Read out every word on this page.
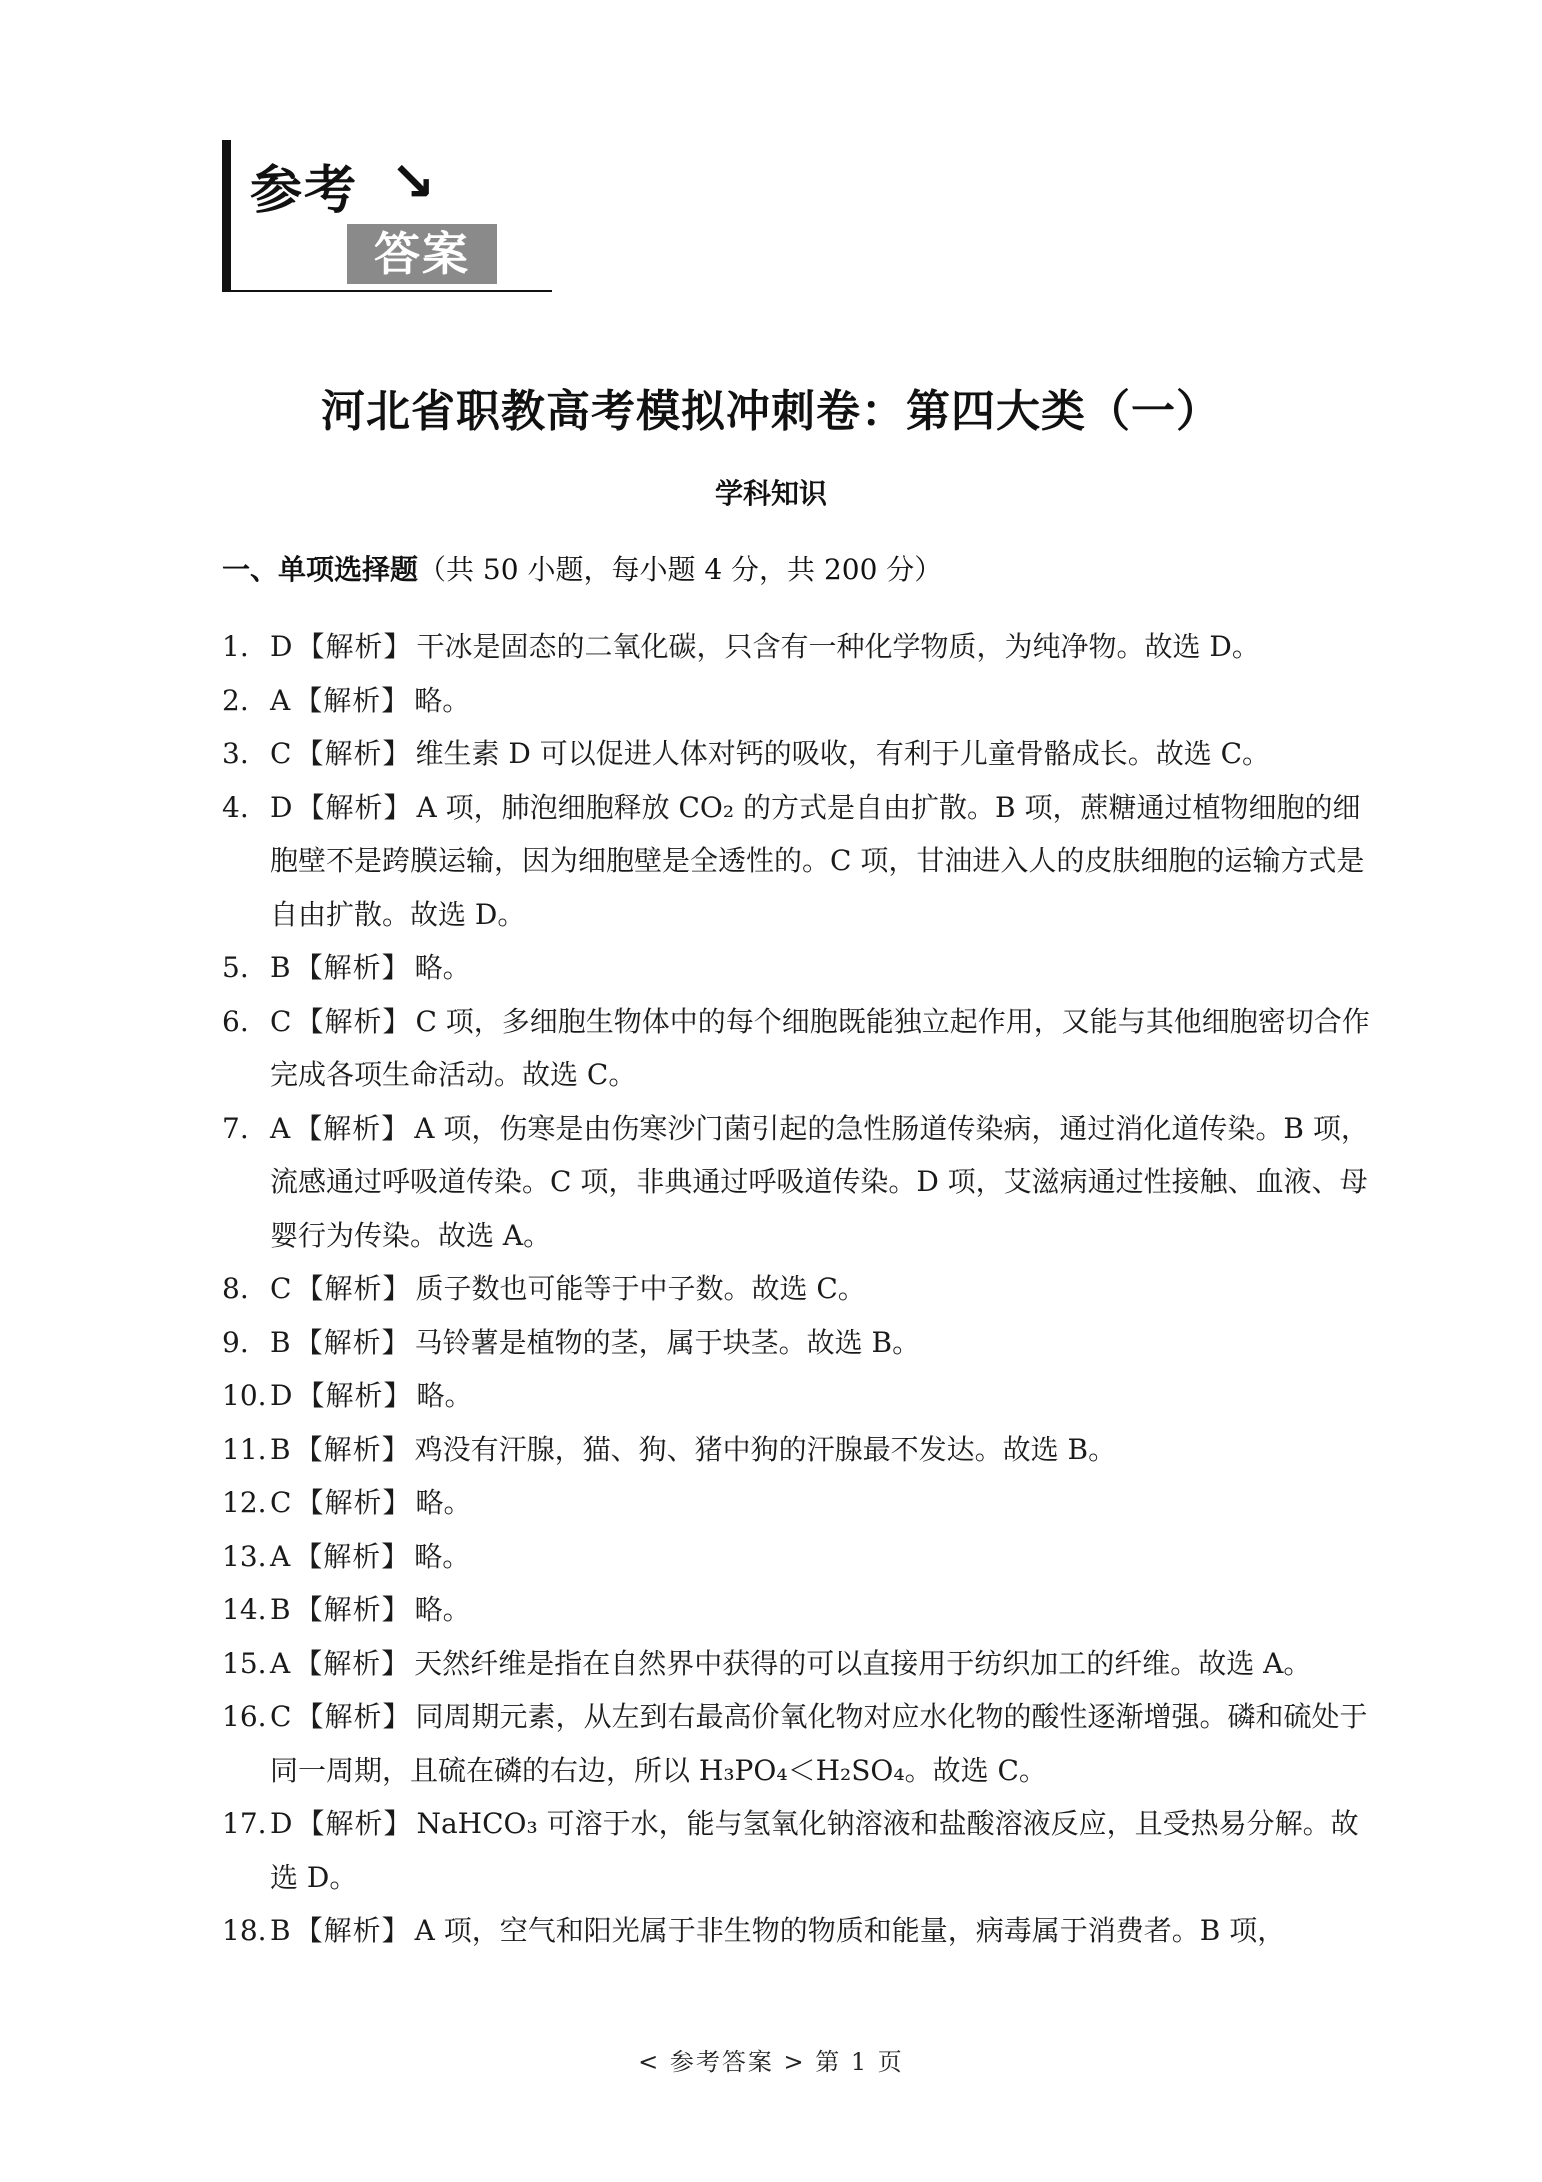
参考 ↘
答案
河北省职教高考模拟冲刺卷：第四大类（一）
学科知识
一、单项选择题（共 50 小题，每小题 4 分，共 200 分）
1. D 【解析】 干冰是固态的二氧化碳，只含有一种化学物质，为纯净物。故选 D。
2. A 【解析】 略。
3. C 【解析】 维生素 D 可以促进人体对钙的吸收，有利于儿童骨骼成长。故选 C。
4. D 【解析】 A 项，肺泡细胞释放 CO₂ 的方式是自由扩散。B 项，蔗糖通过植物细胞的细胞壁不是跨膜运输，因为细胞壁是全透性的。C 项，甘油进入人的皮肤细胞的运输方式是自由扩散。故选 D。
5. B 【解析】 略。
6. C 【解析】 C 项，多细胞生物体中的每个细胞既能独立起作用，又能与其他细胞密切合作完成各项生命活动。故选 C。
7. A 【解析】 A 项，伤寒是由伤寒沙门菌引起的急性肠道传染病，通过消化道传染。B 项，流感通过呼吸道传染。C 项，非典通过呼吸道传染。D 项，艾滋病通过性接触、血液、母婴行为传染。故选 A。
8. C 【解析】 质子数也可能等于中子数。故选 C。
9. B 【解析】 马铃薯是植物的茎，属于块茎。故选 B。
10. D 【解析】 略。
11. B 【解析】 鸡没有汗腺，猫、狗、猪中狗的汗腺最不发达。故选 B。
12. C 【解析】 略。
13. A 【解析】 略。
14. B 【解析】 略。
15. A 【解析】 天然纤维是指在自然界中获得的可以直接用于纺织加工的纤维。故选 A。
16. C 【解析】 同周期元素，从左到右最高价氧化物对应水化物的酸性逐渐增强。磷和硫处于同一周期，且硫在磷的右边，所以 H₃PO₄＜H₂SO₄。故选 C。
17. D 【解析】 NaHCO₃ 可溶于水，能与氢氧化钠溶液和盐酸溶液反应，且受热易分解。故选 D。
18. B 【解析】 A 项，空气和阳光属于非生物的物质和能量，病毒属于消费者。B 项，
< 参考答案 > 第 1 页
